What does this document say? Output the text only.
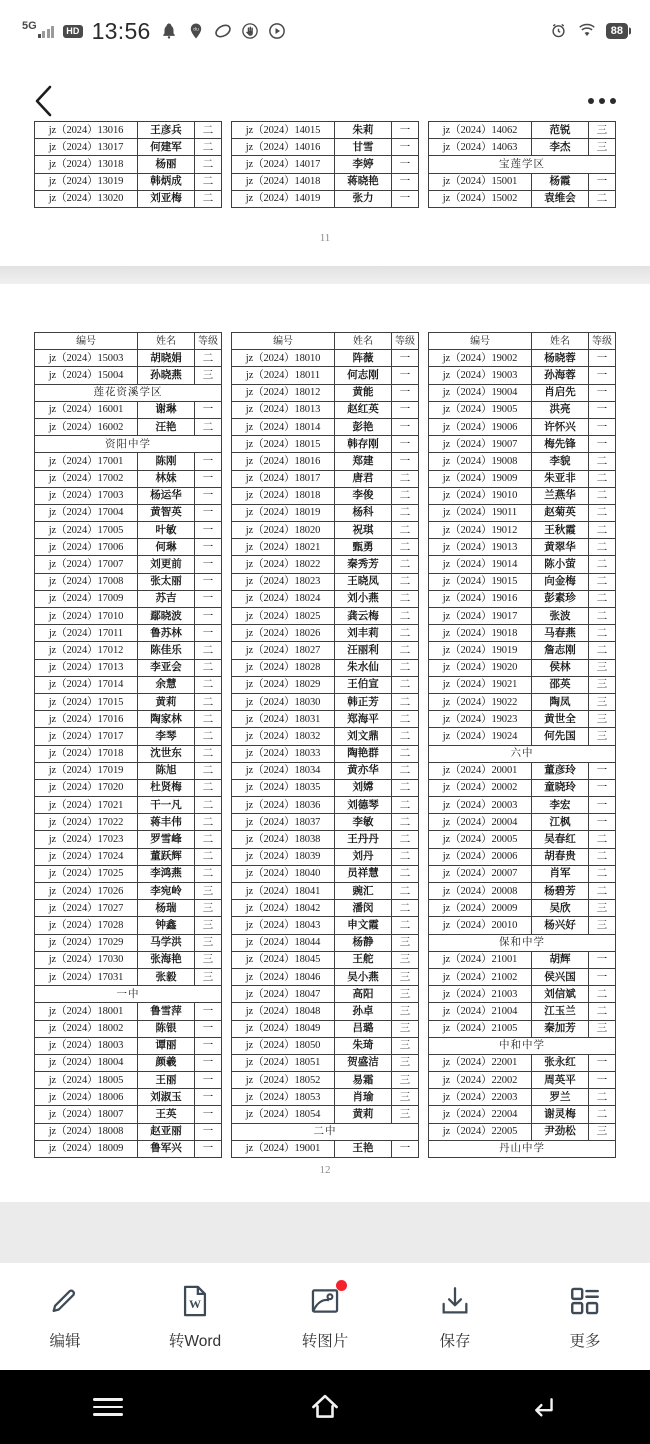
5G	HD 13:56	du	88
jz（2024）13016	王彦兵	二
jz（2024）13017	何建军	二
jz（2024）13018	杨丽	二
jz（2024）13019	韩炳成	二
jz（2024）13020	刘亚梅	二
jz（2024）14015	朱莉	一
jz（2024）14016	甘雪	一
jz（2024）14017	李婷	一
jz（2024）14018	蒋晓艳	一
jz（2024）14019	张力	一
jz（2024）14062	范锐	三
jz（2024）14063	李杰	三
宝莲学区		
jz（2024）15001	杨霞	一
jz（2024）15002	袁维会	二
11
编号	姓名	等级
jz（2024）15003	胡晓娟	二
jz（2024）15004	孙晓燕	三
莲花资溪学区		
jz（2024）16001	谢琳	一
jz（2024）16002	汪艳	二
资阳中学		
jz（2024）17001	陈刚	一
jz（2024）17002	林妹	一
jz（2024）17003	杨运华	一
jz（2024）17004	黄智英	一
jz（2024）17005	叶敏	一
jz（2024）17006	何琳	一
jz（2024）17007	刘更前	一
jz（2024）17008	张太丽	一
jz（2024）17009	苏吉	一
jz（2024）17010	鄢晓波	一
jz（2024）17011	鲁苏林	一
jz（2024）17012	陈佳乐	二
jz（2024）17013	李亚会	二
jz（2024）17014	余慧	二
jz（2024）17015	黄莉	二
jz（2024）17016	陶家林	二
jz（2024）17017	李琴	二
jz（2024）17018	沈世东	二
jz（2024）17019	陈旭	二
jz（2024）17020	杜贤梅	二
jz（2024）17021	干一凡	二
jz（2024）17022	蒋丰伟	二
jz（2024）17023	罗雪峰	二
jz（2024）17024	董跃辉	二
jz（2024）17025	李鸿燕	二
jz（2024）17026	李宛岭	三
jz（2024）17027	杨瑞	三
jz（2024）17028	钟鑫	三
jz（2024）17029	马学洪	三
jz（2024）17030	张海艳	三
jz（2024）17031	张毅	三
一中		
jz（2024）18001	鲁雪萍	一
jz（2024）18002	陈银	一
jz（2024）18003	谭丽	一
jz（2024）18004	颜羲	一
jz（2024）18005	王丽	一
jz（2024）18006	刘淑玉	一
jz（2024）18007	王英	一
jz（2024）18008	赵亚丽	一
jz（2024）18009	鲁军兴	一
编号	姓名	等级
jz（2024）18010	阵薇	一
jz（2024）18011	何志刚	一
jz（2024）18012	黄能	一
jz（2024）18013	赵红英	一
jz（2024）18014	彭艳	一
jz（2024）18015	韩存刚	一
jz（2024）18016	郑建	一
jz（2024）18017	唐君	二
jz（2024）18018	李俊	二
jz（2024）18019	杨科	二
jz（2024）18020	祝琪	二
jz（2024）18021	甄勇	二
jz（2024）18022	秦秀芳	二
jz（2024）18023	王晓凤	二
jz（2024）18024	刘小燕	二
jz（2024）18025	龚云梅	二
jz（2024）18026	刘丰莉	二
jz（2024）18027	汪丽利	二
jz（2024）18028	朱水仙	二
jz（2024）18029	王伯宣	二
jz（2024）18030	韩正芳	二
jz（2024）18031	郑海平	二
jz（2024）18032	刘文鼎	二
jz（2024）18033	陶艳群	二
jz（2024）18034	黄亦华	二
jz（2024）18035	刘嫦	二
jz（2024）18036	刘德琴	二
jz（2024）18037	李敏	二
jz（2024）18038	王丹丹	二
jz（2024）18039	刘丹	二
jz（2024）18040	员祥慧	二
jz（2024）18041	豌汇	二
jz（2024）18042	潘闵	二
jz（2024）18043	申文霞	二
jz（2024）18044	杨静	三
jz（2024）18045	王舵	三
jz（2024）18046	吴小燕	三
jz（2024）18047	高阳	三
jz（2024）18048	孙卓	三
jz（2024）18049	吕璐	三
jz（2024）18050	朱琦	三
jz（2024）18051	贺盛洁	三
jz（2024）18052	易霜	三
jz（2024）18053	肖瑜	三
jz（2024）18054	黄莉	三
二中		
jz（2024）19001	王艳	一
编号	姓名	等级
jz（2024）19002	杨晓蓉	一
jz（2024）19003	孙海蓉	一
jz（2024）19004	肖启先	一
jz（2024）19005	洪亮	一
jz（2024）19006	许怀兴	一
jz（2024）19007	梅先锋	一
jz（2024）19008	李貌	二
jz（2024）19009	朱亚非	二
jz（2024）19010	兰燕华	二
jz（2024）19011	赵菊英	二
jz（2024）19012	王秋霞	二
jz（2024）19013	黄翠华	二
jz（2024）19014	陈小萤	二
jz（2024）19015	向金梅	二
jz（2024）19016	彭素珍	二
jz（2024）19017	张波	二
jz（2024）19018	马春燕	二
jz（2024）19019	詹志刚	二
jz（2024）19020	侯林	三
jz（2024）19021	邵英	三
jz（2024）19022	陶凤	三
jz（2024）19023	黄世全	三
jz（2024）19024	何先国	三
六中		
jz（2024）20001	董彦玲	一
jz（2024）20002	童晓玲	一
jz（2024）20003	李宏	一
jz（2024）20004	江枫	一
jz（2024）20005	吴春红	二
jz（2024）20006	胡春贵	二
jz（2024）20007	肖军	二
jz（2024）20008	杨碧芳	二
jz（2024）20009	吴欣	三
jz（2024）20010	杨兴好	三
保和中学		
jz（2024）21001	胡辉	一
jz（2024）21002	侯兴国	一
jz（2024）21003	刘信斌	二
jz（2024）21004	江玉兰	二
jz（2024）21005	秦加芳	三
中和中学		
jz（2024）22001	张永红	一
jz（2024）22002	周英平	一
jz（2024）22003	罗兰	二
jz（2024）22004	谢灵梅	二
jz（2024）22005	尹劲松	三
丹山中学		
12
编辑
W
转Word	转图片	保存	更多
